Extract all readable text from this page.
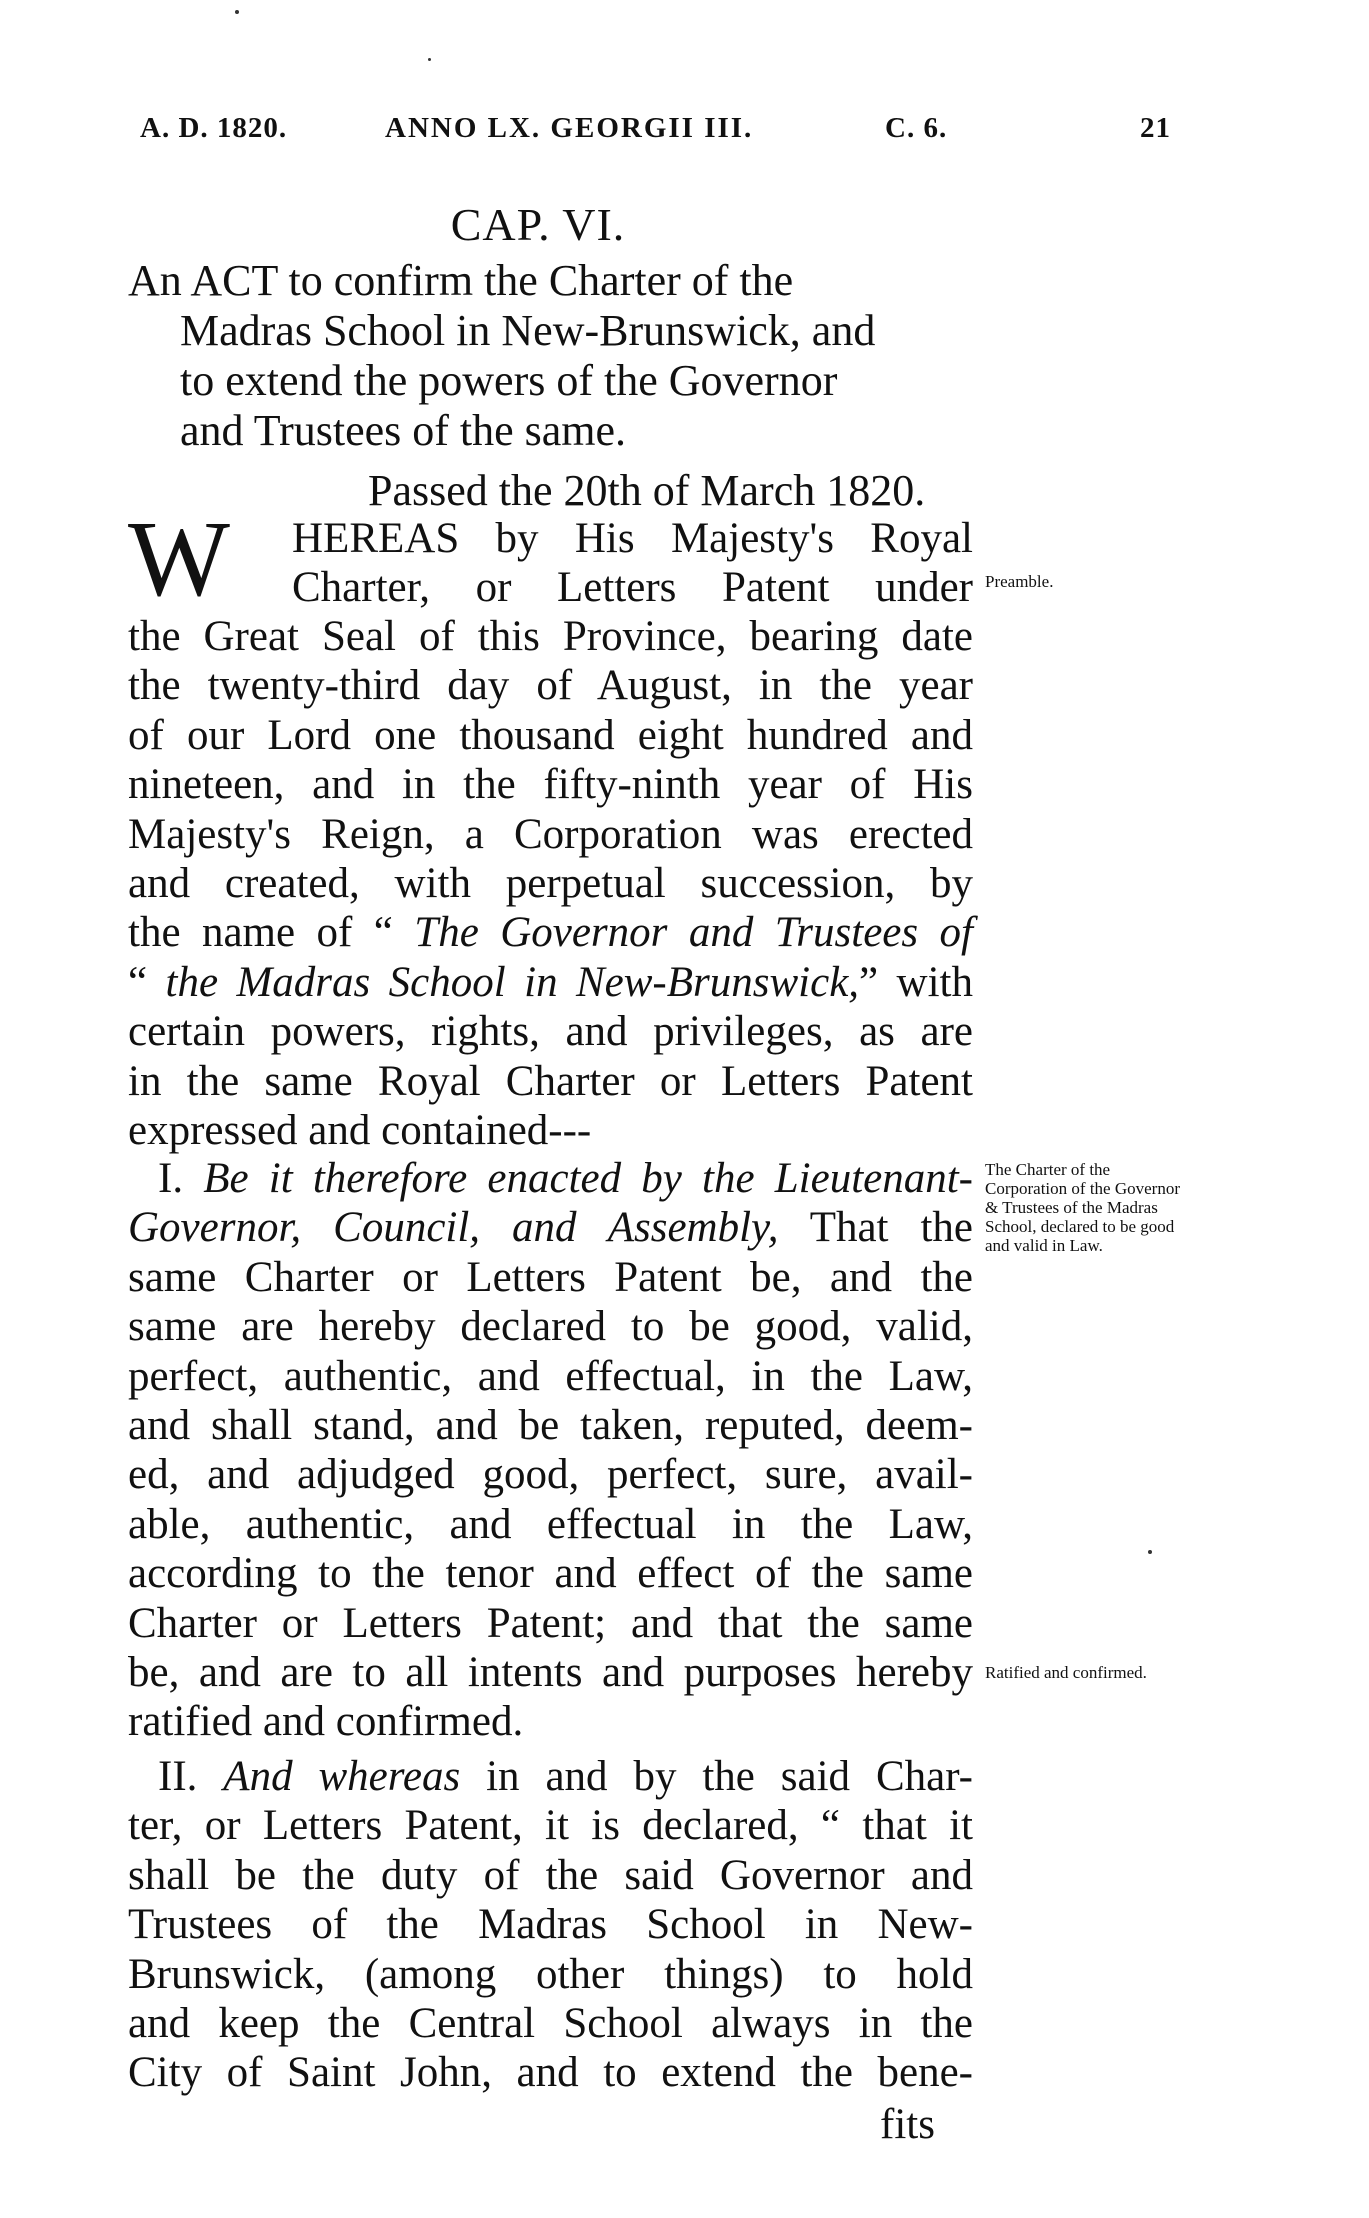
A. D. 1820.	ANNO LX. GEORGII III.	C. 6.	21
CAP. VI.
An ACT to confirm the Charter of the
Madras School in New-Brunswick, and
to extend the powers of the Governor
and Trustees of the same.
Passed the 20th of March 1820.
W HEREAS by His Majesty's Royal
Charter, or Letters Patent under
the Great Seal of this Province, bearing date
the twenty-third day of August, in the year
of our Lord one thousand eight hundred and
nineteen, and in the fifty-ninth year of His
Majesty's Reign, a Corporation was erected
and created, with perpetual succession, by
the name of “ The Governor and Trustees of
“ the Madras School in New-Brunswick,” with
certain powers, rights, and privileges, as are
in the same Royal Charter or Letters Patent
expressed and contained---
I. Be it therefore enacted by the Lieutenant-
Governor, Council, and Assembly, That the
same Charter or Letters Patent be, and the
same are hereby declared to be good, valid,
perfect, authentic, and effectual, in the Law,
and shall stand, and be taken, reputed, deem-
ed, and adjudged good, perfect, sure, avail-
able, authentic, and effectual in the Law,
according to the tenor and effect of the same
Charter or Letters Patent; and that the same
be, and are to all intents and purposes hereby
ratified and confirmed.
II. And whereas in and by the said Char-
ter, or Letters Patent, it is declared, “ that it
shall be the duty of the said Governor and
Trustees of the Madras School in New-
Brunswick, (among other things) to hold
and keep the Central School always in the
City of Saint John, and to extend the bene-
fits
Preamble.
The Charter of the Corporation of the Governor & Trustees of the Madras School, declared to be good and valid in Law.
Ratified and confirmed.
